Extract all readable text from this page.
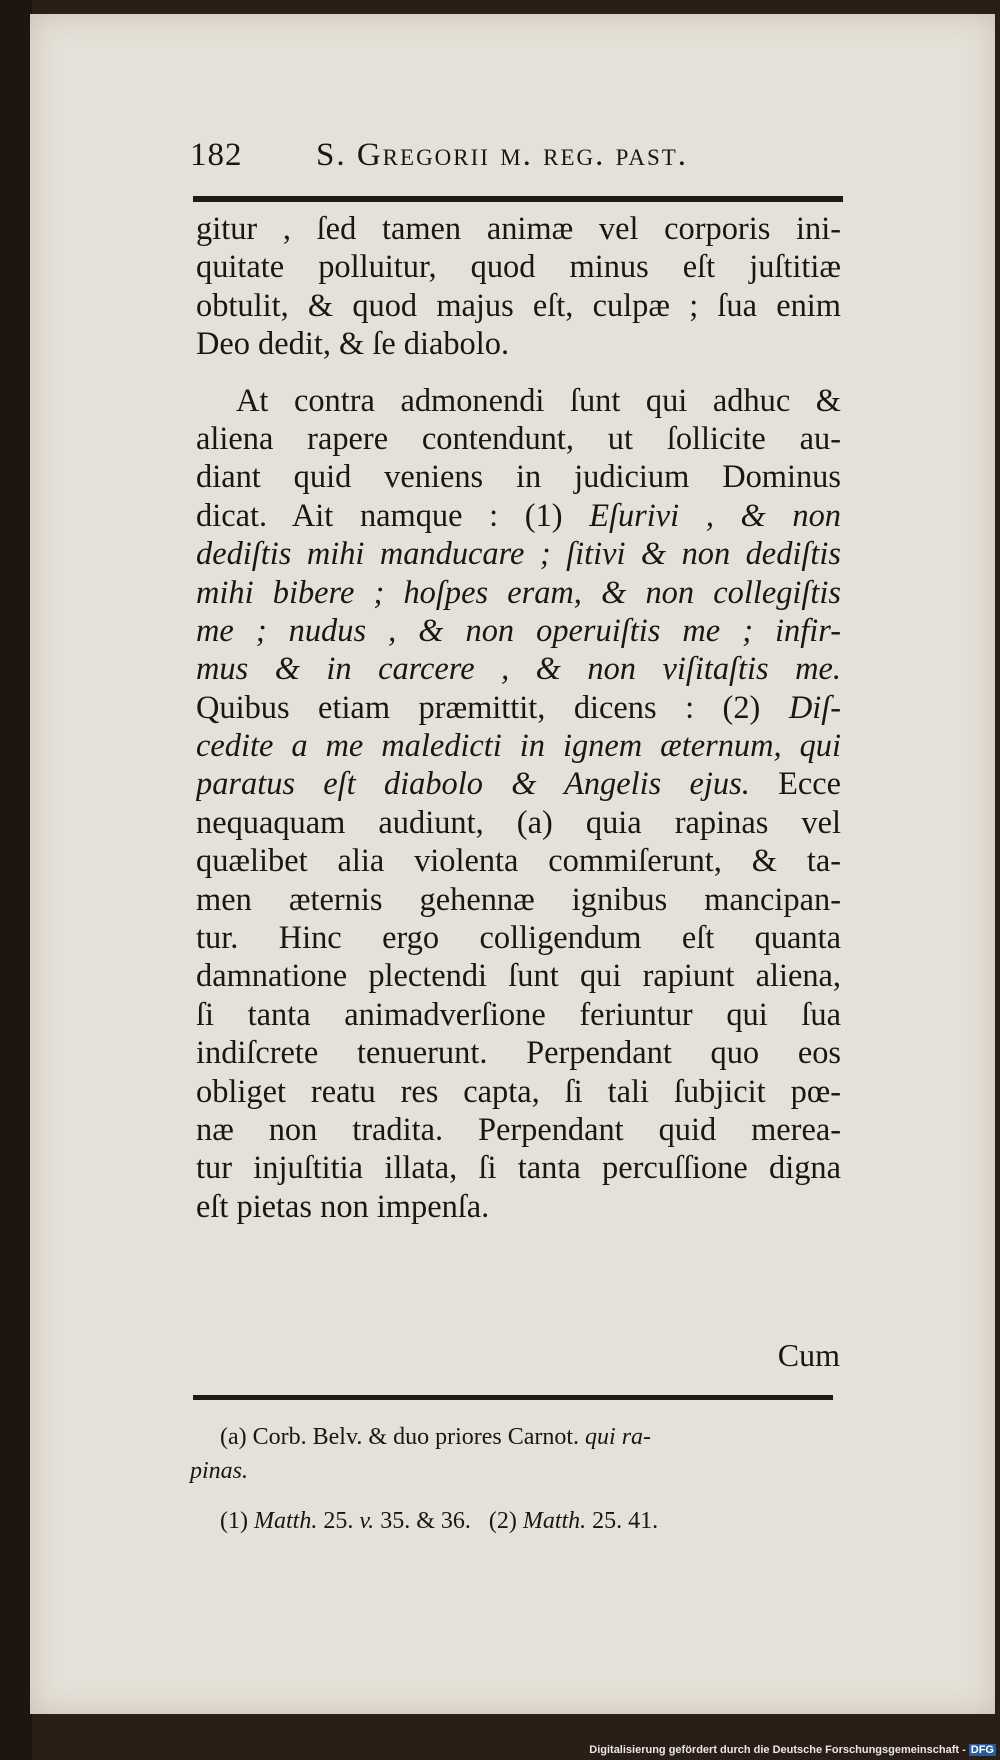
182 S. Gregorii m. reg. past.
gitur , ſed tamen animæ vel corporis ini-
quitate polluitur, quod minus eſt juſtitiæ
obtulit, & quod majus eſt, culpæ ; ſua enim
Deo dedit, & ſe diabolo.
At contra admonendi ſunt qui adhuc &
aliena rapere contendunt, ut ſollicite au-
diant quid veniens in judicium Dominus
dicat. Ait namque : (1) Eſurivi , & non
dediſtis mihi manducare ; ſitivi & non dediſtis
mihi bibere ; hoſpes eram, & non collegiſtis
me ; nudus , & non operuiſtis me ; infir-
mus & in carcere , & non viſitaſtis me.
Quibus etiam præmittit, dicens : (2) Diſ-
cedite a me maledicti in ignem æternum, qui
paratus eſt diabolo & Angelis ejus. Ecce
nequaquam audiunt, (a) quia rapinas vel
quælibet alia violenta commiſerunt, & ta-
men æternis gehennæ ignibus mancipan-
tur. Hinc ergo colligendum eſt quanta
damnatione plectendi ſunt qui rapiunt aliena,
ſi tanta animadverſione feriuntur qui ſua
indiſcrete tenuerunt. Perpendant quo eos
obliget reatu res capta, ſi tali ſubjicit pœ-
næ non tradita. Perpendant quid merea-
tur injuſtitia illata, ſi tanta percuſſione digna
eſt pietas non impenſa.
Cum
(a) Corb. Belv. & duo priores Carnot. qui ra-
pinas.
(1) Matth. 25. v. 35. & 36.   (2) Matth. 25. 41.
Digitalisierung gefördert durch die Deutsche Forschungsgemeinschaft - DFG
